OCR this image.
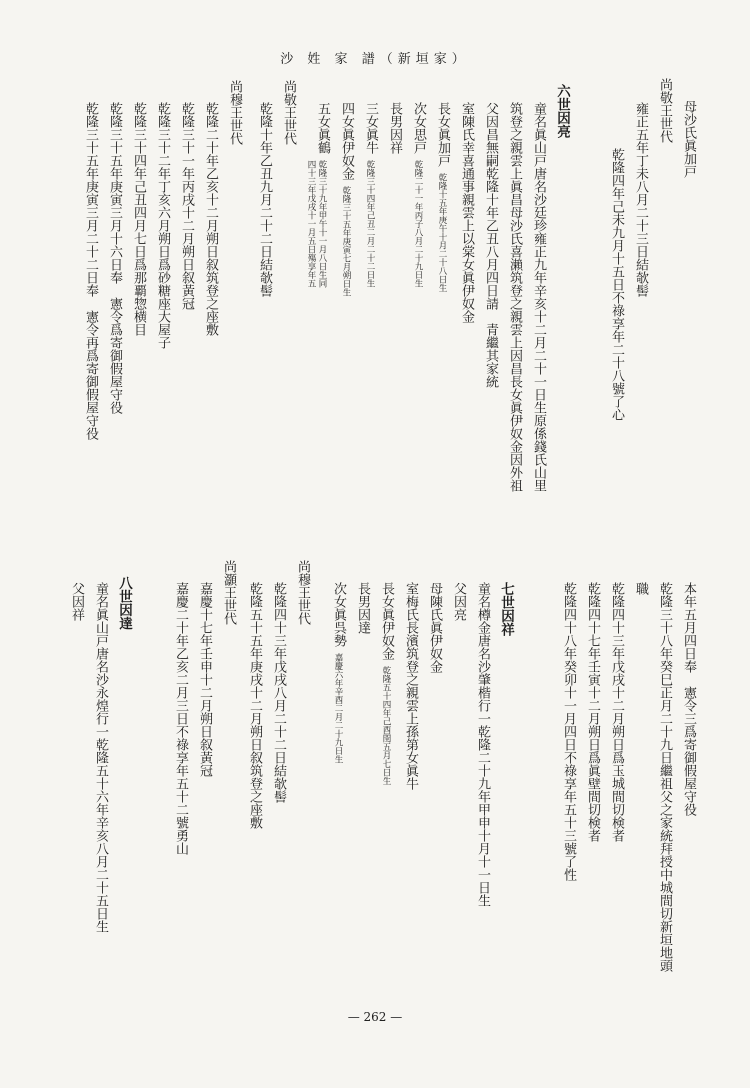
沙 姓 家 譜（新垣家）
母沙氏眞加戸
尚敬王世代
雍正五年丁未八月二十三日結欹髻
乾隆四年己未九月十五日不祿享年二十八號了心
六世因亮
童名眞山戸唐名沙廷珍雍正九年辛亥十二月二十一日生原係錢氏山里
筑登之親雲上眞昌母沙氏喜瀨筑登之親雲上因昌長女眞伊奴金因外祖
父因昌無嗣乾隆十年乙丑八月四日請　青繼其家統
室陳氏幸喜通事親雲上以棠女眞伊奴金
長女眞加戸乾隆十五年庚午十月二十八日生
次女思戸乾隆二十一年丙子八月二十九日生
長男因祥
三女眞牛乾隆三十四年己丑二月二十二日生
四女眞伊奴金乾隆三十五年庚寅七月朔日生
五女眞鶴乾隆三十九年甲午十一月八日生同
四十三年戊戌十一月五日殤享年五
尚敬王世代
乾隆十年乙丑九月二十二日結欹髻
尚穆王世代
乾隆二十年乙亥十二月朔日叙筑登之座敷
乾隆三十一年丙戌十二月朔日叙黃冠
乾隆三十二年丁亥六月朔日爲砂糖座大屋子
乾隆三十四年己丑四月七日爲那覇惣横目
乾隆三十五年庚寅三月十六日奉　憲令爲寄御假屋守役
乾隆三十五年庚寅三月二十二日奉　憲令再爲寄御假屋守役
本年五月四日奉　憲令三爲寄御假屋守役
乾隆三十八年癸巳正月二十九日繼祖父之家統拜授中城間切新垣地頭
職
乾隆四十三年戊戌十二月朔日爲玉城間切検者
乾隆四十七年壬寅十二月朔日爲眞壁間切検者
乾隆四十八年癸卯十一月四日不祿享年五十三號了性
七世因祥
童名樽金唐名沙肇楷行一乾隆二十九年甲申十月十一日生
父因亮
母陳氏眞伊奴金
室梅氏長濱筑登之親雲上孫第女眞牛
長女眞伊奴金乾隆五十四年己酉閏五月七日生
長男因達
次女眞呉勢嘉慶六年辛酉二月二十九日生
尚穆王世代
乾隆四十三年戊戌八月二十二日結欹髻
乾隆五十五年庚戌十二月朔日叙筑登之座敷
尚灝王世代
嘉慶十七年壬申十二月朔日叙黃冠
嘉慶二十年乙亥二月三日不祿享年五十二號勇山
八世因達
童名眞山戸唐名沙永煌行一乾隆五十六年辛亥八月二十五日生
父因祥
— 262 —
